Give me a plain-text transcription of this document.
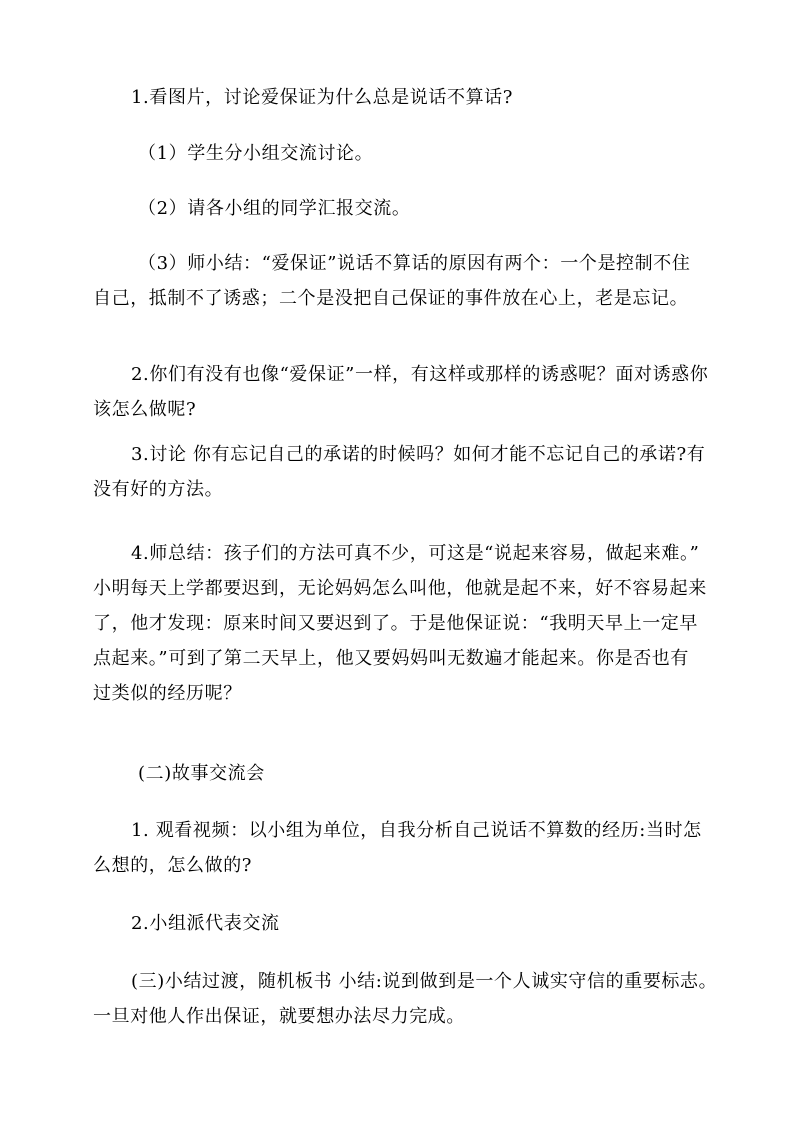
1.看图片，讨论爱保证为什么总是说话不算话?

（1）学生分小组交流讨论。

（2）请各小组的同学汇报交流。

（3）师小结：“爱保证”说话不算话的原因有两个：一个是控制不住
自己，抵制不了诱惑；二个是没把自己保证的事件放在心上，老是忘记。

2.你们有没有也像“爱保证”一样，有这样或那样的诱惑呢？面对诱惑你
该怎么做呢?

3.讨论 你有忘记自己的承诺的时候吗？如何才能不忘记自己的承诺?有
没有好的方法。

4.师总结：孩子们的方法可真不少，可这是“说起来容易，做起来难。”
小明每天上学都要迟到，无论妈妈怎么叫他，他就是起不来，好不容易起来
了，他才发现：原来时间又要迟到了。于是他保证说：“我明天早上一定早
点起来。”可到了第二天早上，他又要妈妈叫无数遍才能起来。你是否也有
过类似的经历呢？

(二)故事交流会

1. 观看视频：以小组为单位，自我分析自己说话不算数的经历:当时怎
么想的，怎么做的?

2.小组派代表交流

(三)小结过渡，随机板书 小结:说到做到是一个人诚实守信的重要标志。
一旦对他人作出保证，就要想办法尽力完成。
